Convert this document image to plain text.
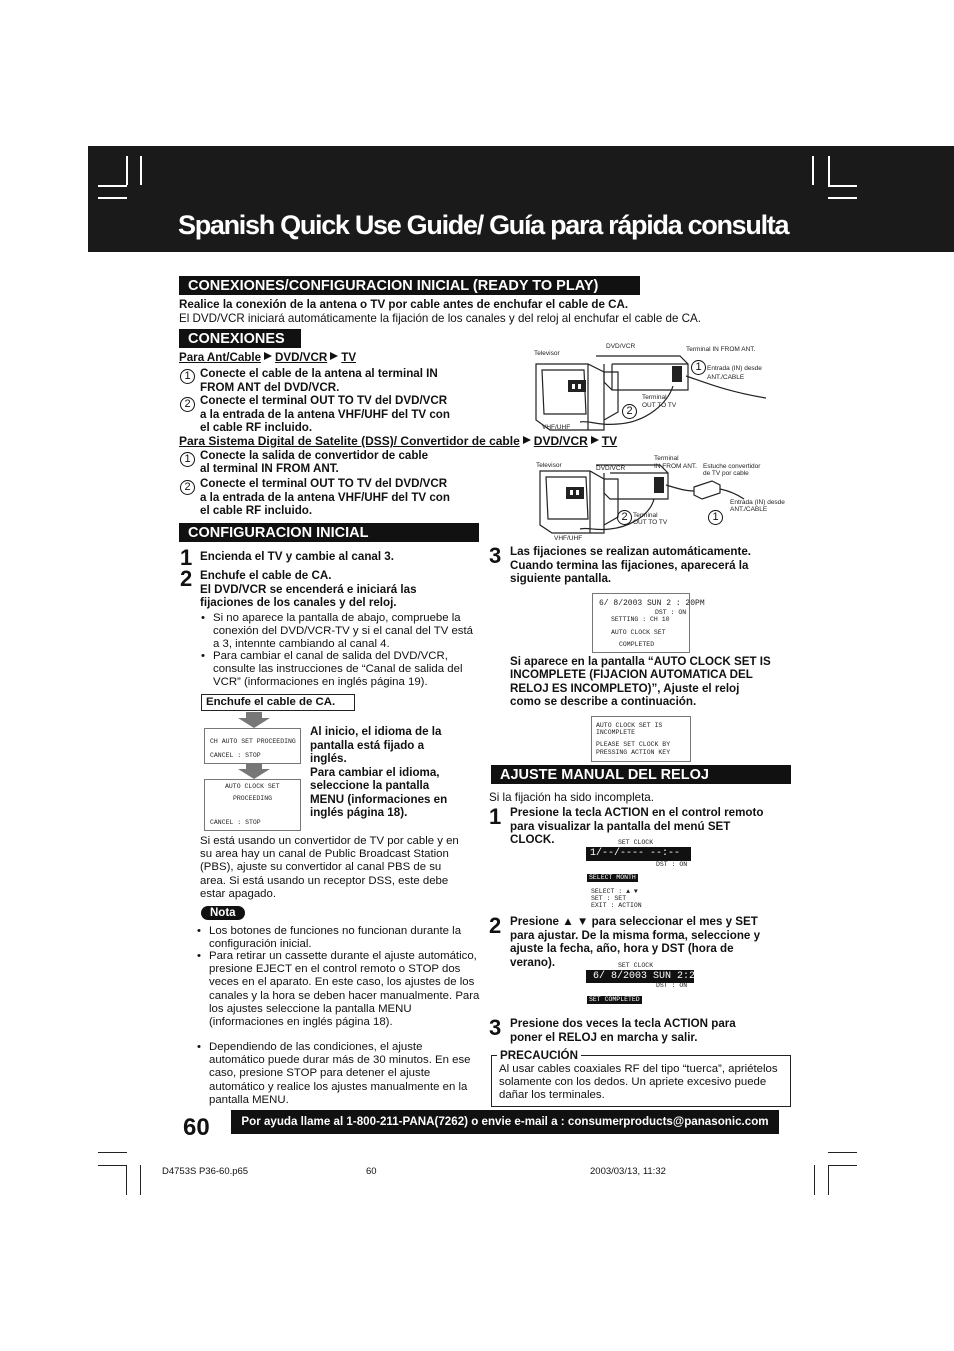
Spanish Quick Use Guide/ Guía para rápida consulta
CONEXIONES/CONFIGURACION INICIAL (READY TO PLAY)
Realice la conexión de la antena o TV por cable antes de enchufar el cable de CA.
El DVD/VCR iniciará automáticamente la fijación de los canales y del reloj al enchufar el cable de CA.
CONEXIONES
Para Ant/Cable DVD/VCR TV
1 Conecte el cable de la antena al terminal IN
FROM ANT del DVD/VCR.
2 Conecte el terminal OUT TO TV del DVD/VCR
a la entrada de la antena VHF/UHF del TV con
el cable RF incluido.
Para Sistema Digital de Satelite (DSS)/ Convertidor de cable DVD/VCR TV
1 Conecte la salida de convertidor de cable
al terminal IN FROM ANT.
2 Conecte el terminal OUT TO TV del DVD/VCR
a la entrada de la antena VHF/UHF del TV con
el cable RF incluido.
Televisor
DVD/VCR	Terminal IN FROM ANT.
Entrada (IN) desde
ANT./CABLE
Terminal
OUT TO TV
VHF/UHF
1
2
Televisor	DVD/VCR
Terminal
IN FROM ANT. Estuche convertidor
de TV por cable
Entrada (IN) desde
ANT./CABLE
Terminal
OUT TO TV
VHF/UHF
1
2
CONFIGURACION INICIAL
1 Encienda el TV y cambie al canal 3.
2 Enchufe el cable de CA.
El DVD/VCR se encenderá e iniciará las
fijaciones de los canales y del reloj.
• Si no aparece la pantalla de abajo, compruebe la conexión del DVD/VCR-TV y si el canal del TV está a 3, intennte cambiando al canal 4.
• Para cambiar el canal de salida del DVD/VCR, consulte las instrucciones de “Canal de salida del VCR” (informaciones en inglés página 19).
Enchufe el cable de CA.
CH AUTO SET PROCEEDING
CANCEL : STOP
AUTO CLOCK SET
PROCEEDING
CANCEL : STOP
Al inicio, el idioma de la
pantalla está fijado a
inglés.
Para cambiar el idioma,
seleccione la pantalla
MENU (informaciones en
inglés página 18).
Si está usando un convertidor de TV por cable y en su area hay un canal de Public Broadcast Station (PBS), ajuste su convertidor al canal PBS de su area. Si está usando un receptor DSS, este debe estar apagado.
Nota
• Los botones de funciones no funcionan durante la configuración inicial.
• Para retirar un cassette durante el ajuste automático, presione EJECT en el control remoto o STOP dos veces en el aparato. En este caso, los ajustes de los canales y la hora se deben hacer manualmente. Para los ajustes seleccione la pantalla MENU (informaciones en inglés página 18).
• Dependiendo de las condiciones, el ajuste automático puede durar más de 30 minutos. En ese caso, presione STOP para detener el ajuste automático y realice los ajustes manualmente en la pantalla MENU.
3 Las fijaciones se realizan automáticamente.
Cuando termina las fijaciones, aparecerá la
siguiente pantalla.
6/ 8/2003 SUN 2 : 20PM
DST : ON
SETTING : CH 10
AUTO CLOCK SET
COMPLETED
Si aparece en la pantalla “AUTO CLOCK SET IS
INCOMPLETE (FIJACION AUTOMATICA DEL
RELOJ ES INCOMPLETO)”, Ajuste el reloj
como se describe a continuación.
AUTO CLOCK SET IS
INCOMPLETE
PLEASE SET CLOCK BY
PRESSING ACTION KEY
AJUSTE MANUAL DEL RELOJ
Si la fijación ha sido incompleta.
1 Presione la tecla ACTION en el control remoto
para visualizar la pantalla del menú SET
CLOCK.	SET CLOCK
1/--/---- --:--
DST : ON
SELECT MONTH
SELECT : ▲ ▼
SET : SET
EXIT : ACTION
2 Presione ▲ ▼ para seleccionar el mes y SET
para ajustar. De la misma forma, seleccione y
ajuste la fecha, año, hora y DST (hora de
verano).	SET CLOCK
6/ 8/2003 SUN 2:20PM
DST : ON
SET COMPLETED
3 Presione dos veces la tecla ACTION para
poner el RELOJ en marcha y salir.
PRECAUCIÓN
Al usar cables coaxiales RF del tipo “tuerca”, apriételos solamente con los dedos. Un apriete excesivo puede dañar los terminales.
60	Por ayuda llame al 1-800-211-PANA(7262) o envie e-mail a : consumerproducts@panasonic.com
D4753S P36-60.p65	60	2003/03/13, 11:32
